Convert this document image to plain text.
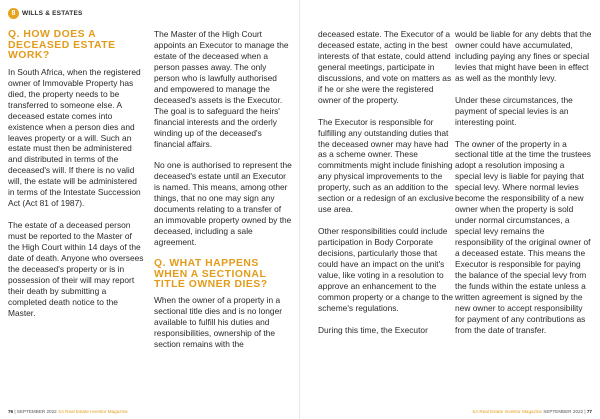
8	WILLS & ESTATES
Q. HOW DOES A DECEASED ESTATE WORK?

In South Africa, when the registered owner of Immovable Property has died, the property needs to be transferred to someone else. A deceased estate comes into existence when a person dies and leaves property or a will. Such an estate must then be administered and distributed in terms of the deceased's will. If there is no valid will, the estate will be administered in terms of the Intestate Succession Act (Act 81 of 1987).

The estate of a deceased person must be reported to the Master of the High Court within 14 days of the date of death. Anyone who oversees the deceased's property or is in possession of their will may report their death by submitting a completed death notice to the Master.

The Master of the High Court appoints an Executor to manage the estate of the deceased when a person passes away. The only person who is lawfully authorised and empowered to manage the deceased's assets is the Executor. The goal is to safeguard the heirs' financial interests and the orderly winding up of the deceased's financial affairs.

No one is authorised to represent the deceased's estate until an Executor is named. This means, among other things, that no one may sign any documents relating to a transfer of an immovable property owned by the deceased, including a sale agreement.

Q. WHAT HAPPENS WHEN A SECTIONAL TITLE OWNER DIES?

When the owner of a property in a sectional title dies and is no longer available to fulfill his duties and responsibilities, ownership of the section remains with the

deceased estate. The Executor of a deceased estate, acting in the best interests of that estate, could attend general meetings, participate in discussions, and vote on matters as if he or she were the registered owner of the property.

The Executor is responsible for fulfilling any outstanding duties that the deceased owner may have had as a scheme owner. These commitments might include finishing any physical improvements to the property, such as an addition to the section or a redesign of an exclusive use area.

Other responsibilities could include participation in Body Corporate decisions, particularly those that could have an impact on the unit's value, like voting in a resolution to approve an enhancement to the common property or a change to the scheme's regulations.

During this time, the Executor

would be liable for any debts that the owner could have accumulated, including paying any fines or special levies that might have been in effect as well as the monthly levy.

Under these circumstances, the payment of special levies is an interesting point.

The owner of the property in a sectional title at the time the trustees adopt a resolution imposing a special levy is liable for paying that special levy. Where normal levies become the responsibility of a new owner when the property is sold under normal circumstances, a special levy remains the responsibility of the original owner of a deceased estate. This means the Executor is responsible for paying the balance of the special levy from the funds within the estate unless a written agreement is signed by the new owner to accept responsibility for payment of any contributions as from the date of transfer.

76 | SEPTEMBER 2022 SA Real Estate Investor Magazine	SA Real Estate Investor Magazine SEPTEMBER 2022 | 77
